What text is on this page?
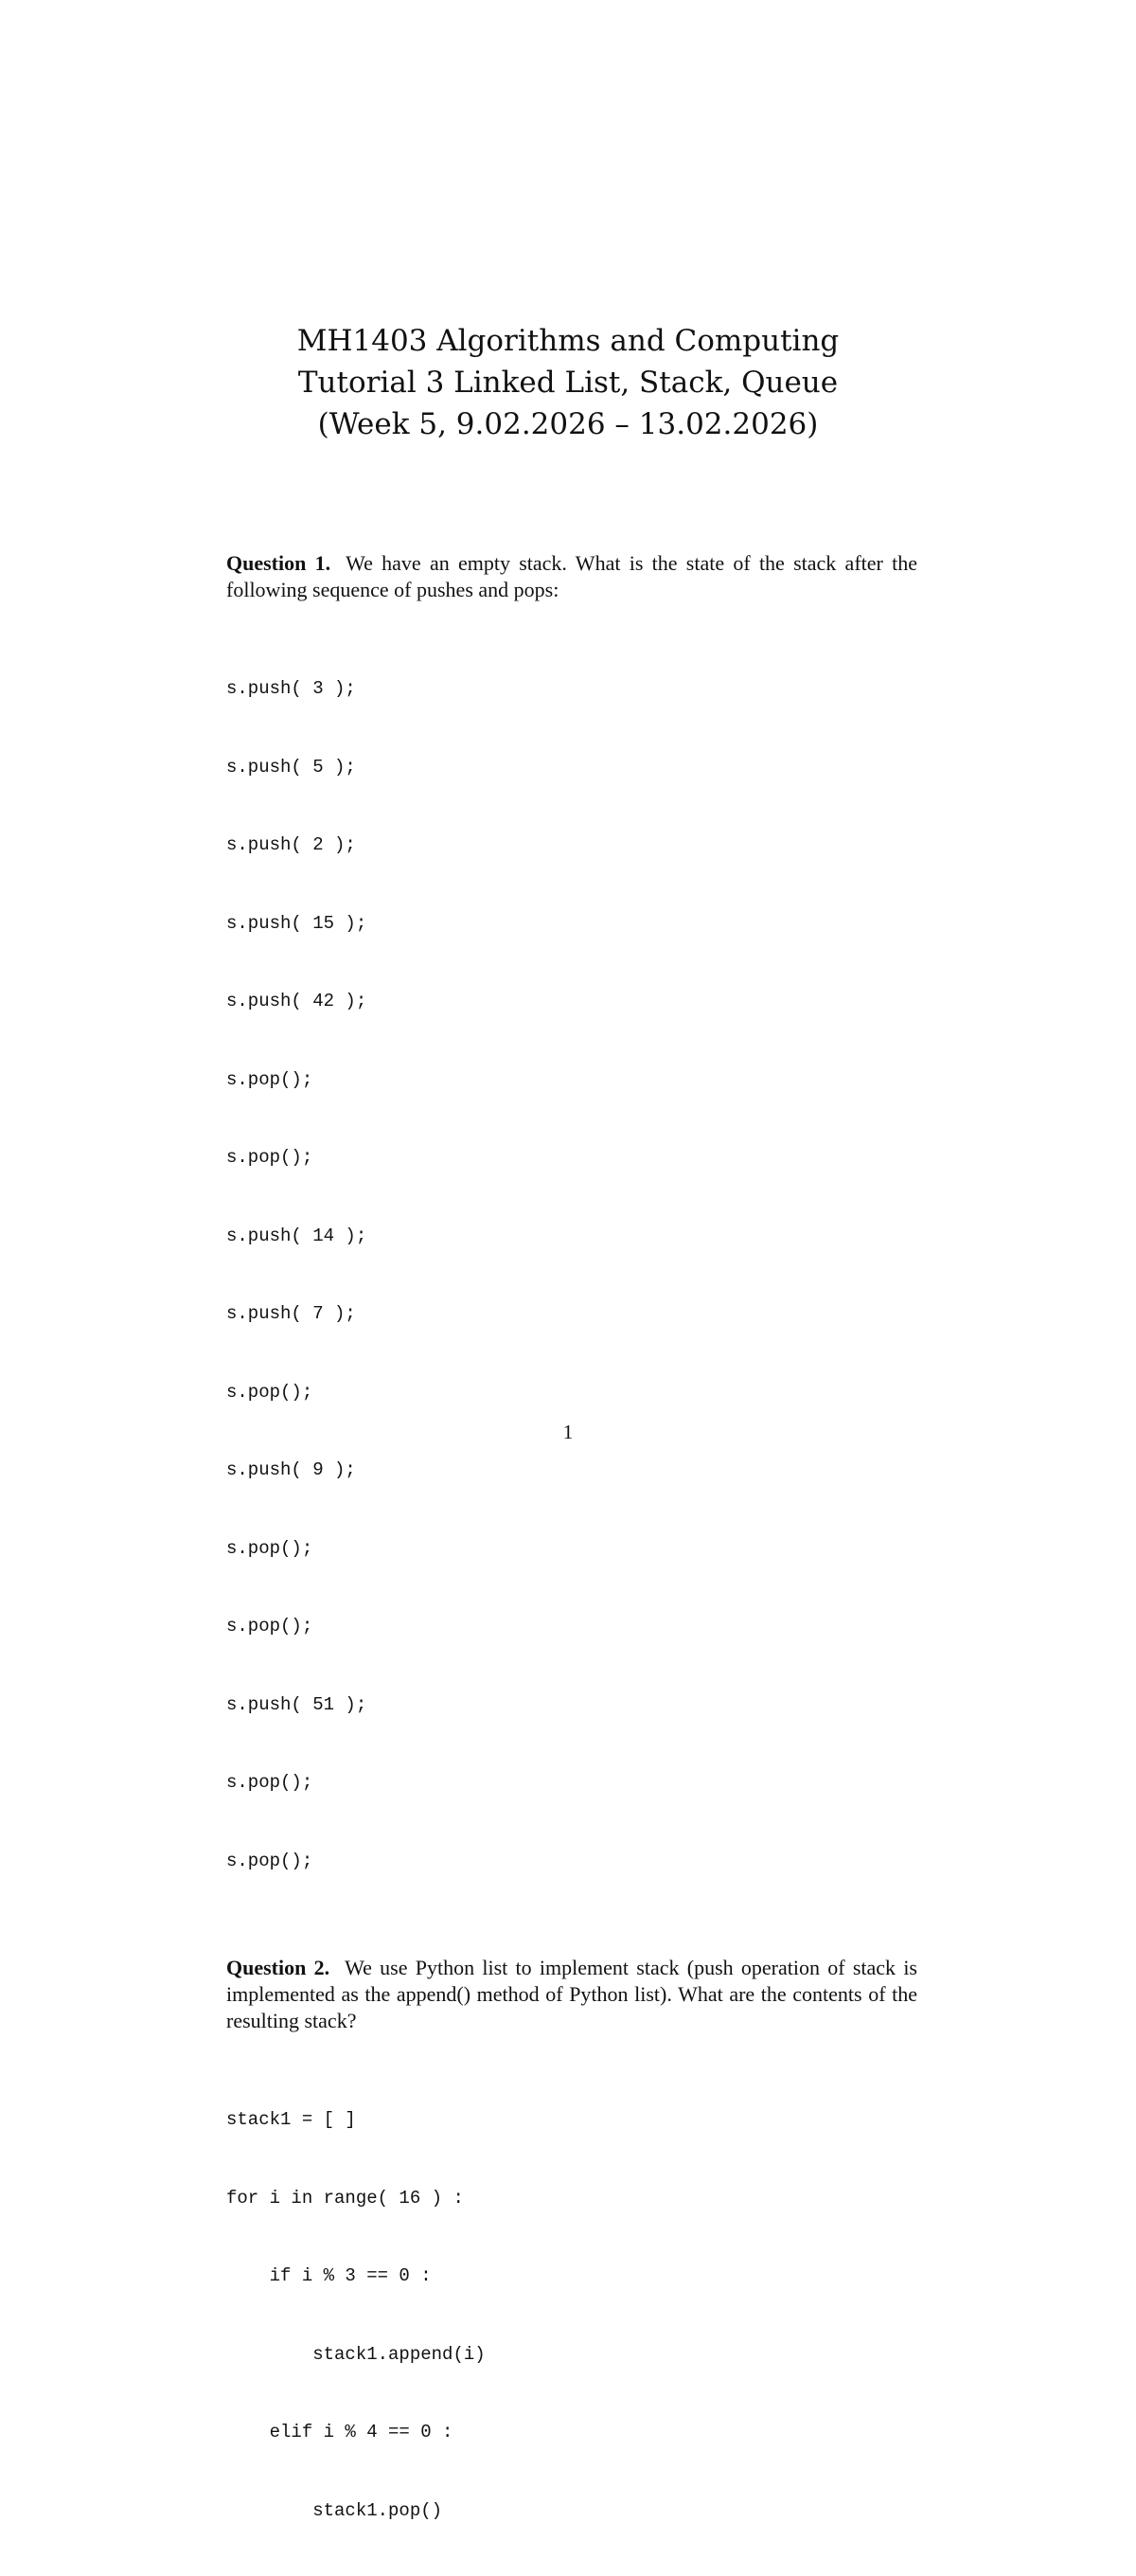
MH1403 Algorithms and Computing
Tutorial 3 Linked List, Stack, Queue
(Week 5, 9.02.2026 – 13.02.2026)

Question 1. We have an empty stack. What is the state of the stack after the following sequence of pushes and pops:

s.push( 3 );

s.push( 5 );

s.push( 2 );

s.push( 15 );

s.push( 42 );

s.pop();

s.pop();

s.push( 14 );

s.push( 7 );

s.pop();

s.push( 9 );

s.pop();

s.pop();

s.push( 51 );

s.pop();

s.pop();

Question 2. We use Python list to implement stack (push operation of stack is implemented as the append() method of Python list). What are the contents of the resulting stack?

stack1 = [ ]

for i in range( 16 ) :

if i % 3 == 0 :

stack1.append(i)

elif i % 4 == 0 :

stack1.pop()

1
